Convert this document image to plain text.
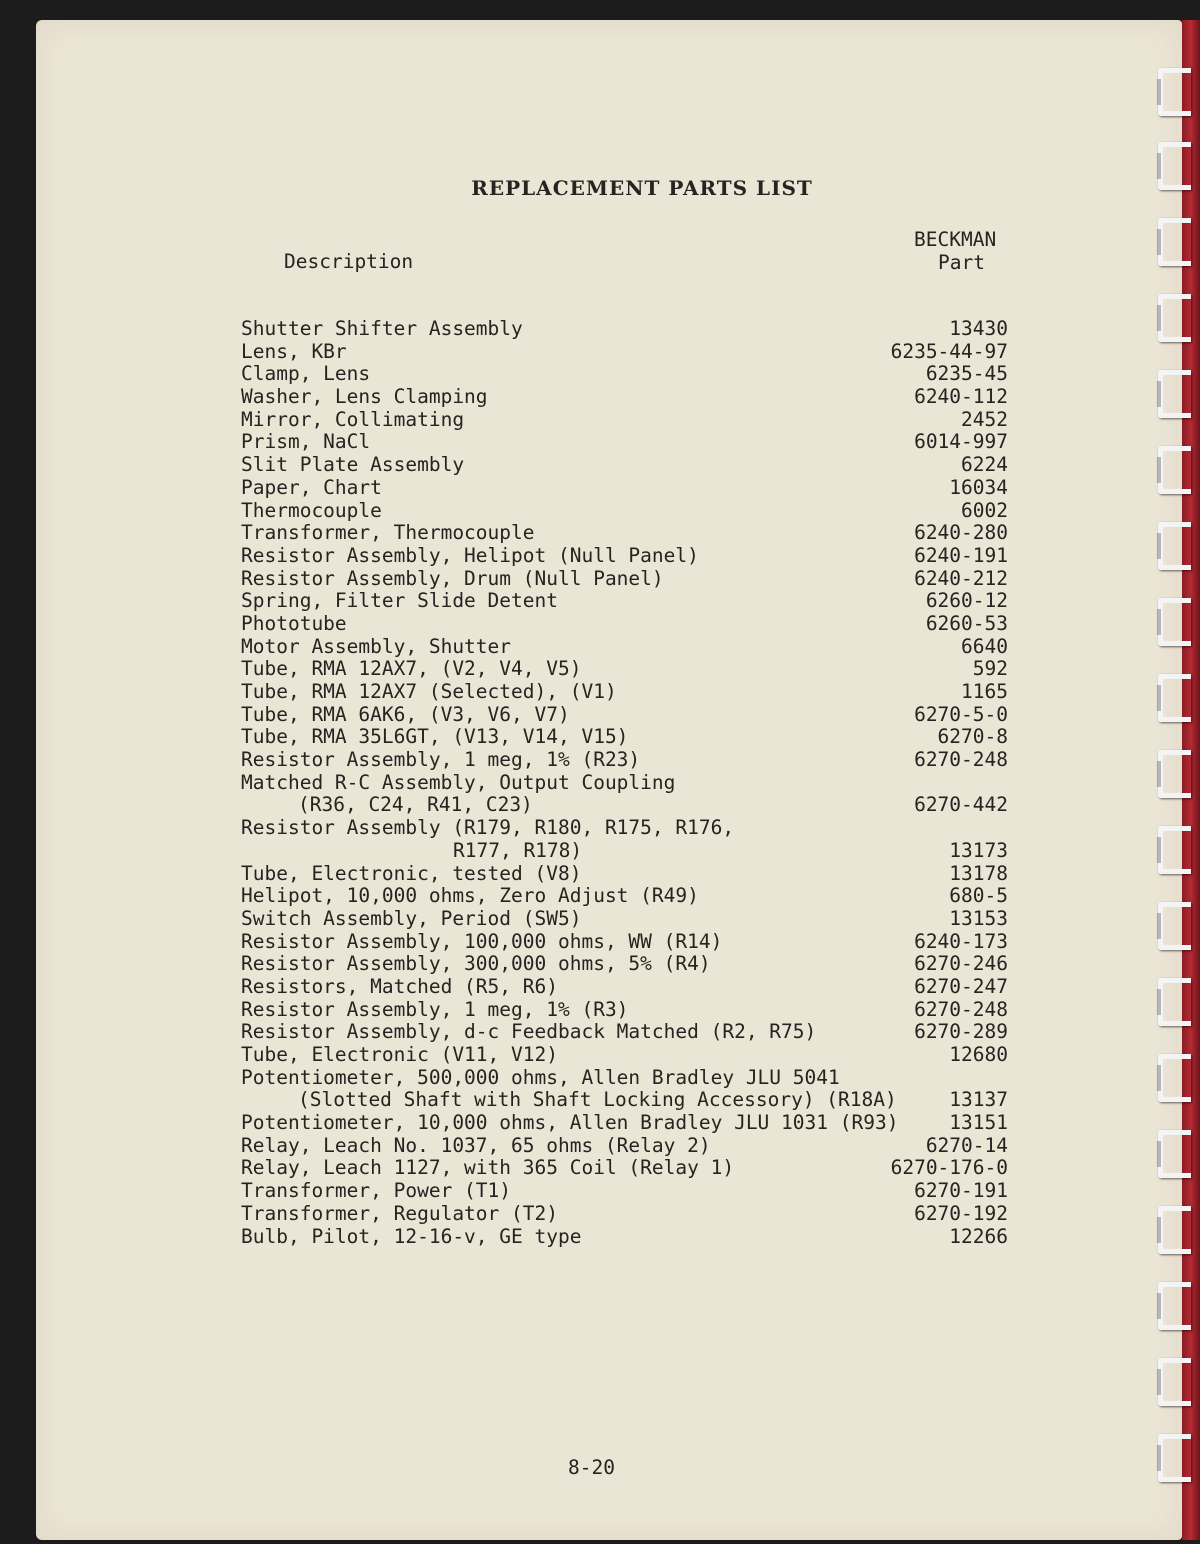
REPLACEMENT PARTS LIST
Description
BECKMAN
Part
Shutter Shifter Assembly	13430
Lens, KBr	6235-44-97
Clamp, Lens	6235-45
Washer, Lens Clamping	6240-112
Mirror, Collimating	2452
Prism, NaCl	6014-997
Slit Plate Assembly	6224
Paper, Chart	16034
Thermocouple	6002
Transformer, Thermocouple	6240-280
Resistor Assembly, Helipot (Null Panel)	6240-191
Resistor Assembly, Drum (Null Panel)	6240-212
Spring, Filter Slide Detent	6260-12
Phototube	6260-53
Motor Assembly, Shutter	6640
Tube, RMA 12AX7, (V2, V4, V5)	592
Tube, RMA 12AX7 (Selected), (V1)	1165
Tube, RMA 6AK6, (V3, V6, V7)	6270-5-0
Tube, RMA 35L6GT, (V13, V14, V15)	6270-8
Resistor Assembly, 1 meg, 1% (R23)	6270-248
Matched R-C Assembly, Output Coupling
(R36, C24, R41, C23)	6270-442
Resistor Assembly (R179, R180, R175, R176,
R177, R178)	13173
Tube, Electronic, tested (V8)	13178
Helipot, 10,000 ohms, Zero Adjust (R49)	680-5
Switch Assembly, Period (SW5)	13153
Resistor Assembly, 100,000 ohms, WW (R14)	6240-173
Resistor Assembly, 300,000 ohms, 5% (R4)	6270-246
Resistors, Matched (R5, R6)	6270-247
Resistor Assembly, 1 meg, 1% (R3)	6270-248
Resistor Assembly, d-c Feedback Matched (R2, R75)	6270-289
Tube, Electronic (V11, V12)	12680
Potentiometer, 500,000 ohms, Allen Bradley JLU 5041
(Slotted Shaft with Shaft Locking Accessory) (R18A)	13137
Potentiometer, 10,000 ohms, Allen Bradley JLU 1031 (R93)	13151
Relay, Leach No. 1037, 65 ohms (Relay 2)	6270-14
Relay, Leach 1127, with 365 Coil (Relay 1)	6270-176-0
Transformer, Power (T1)	6270-191
Transformer, Regulator (T2)	6270-192
Bulb, Pilot, 12-16-v, GE type	12266
8-20
